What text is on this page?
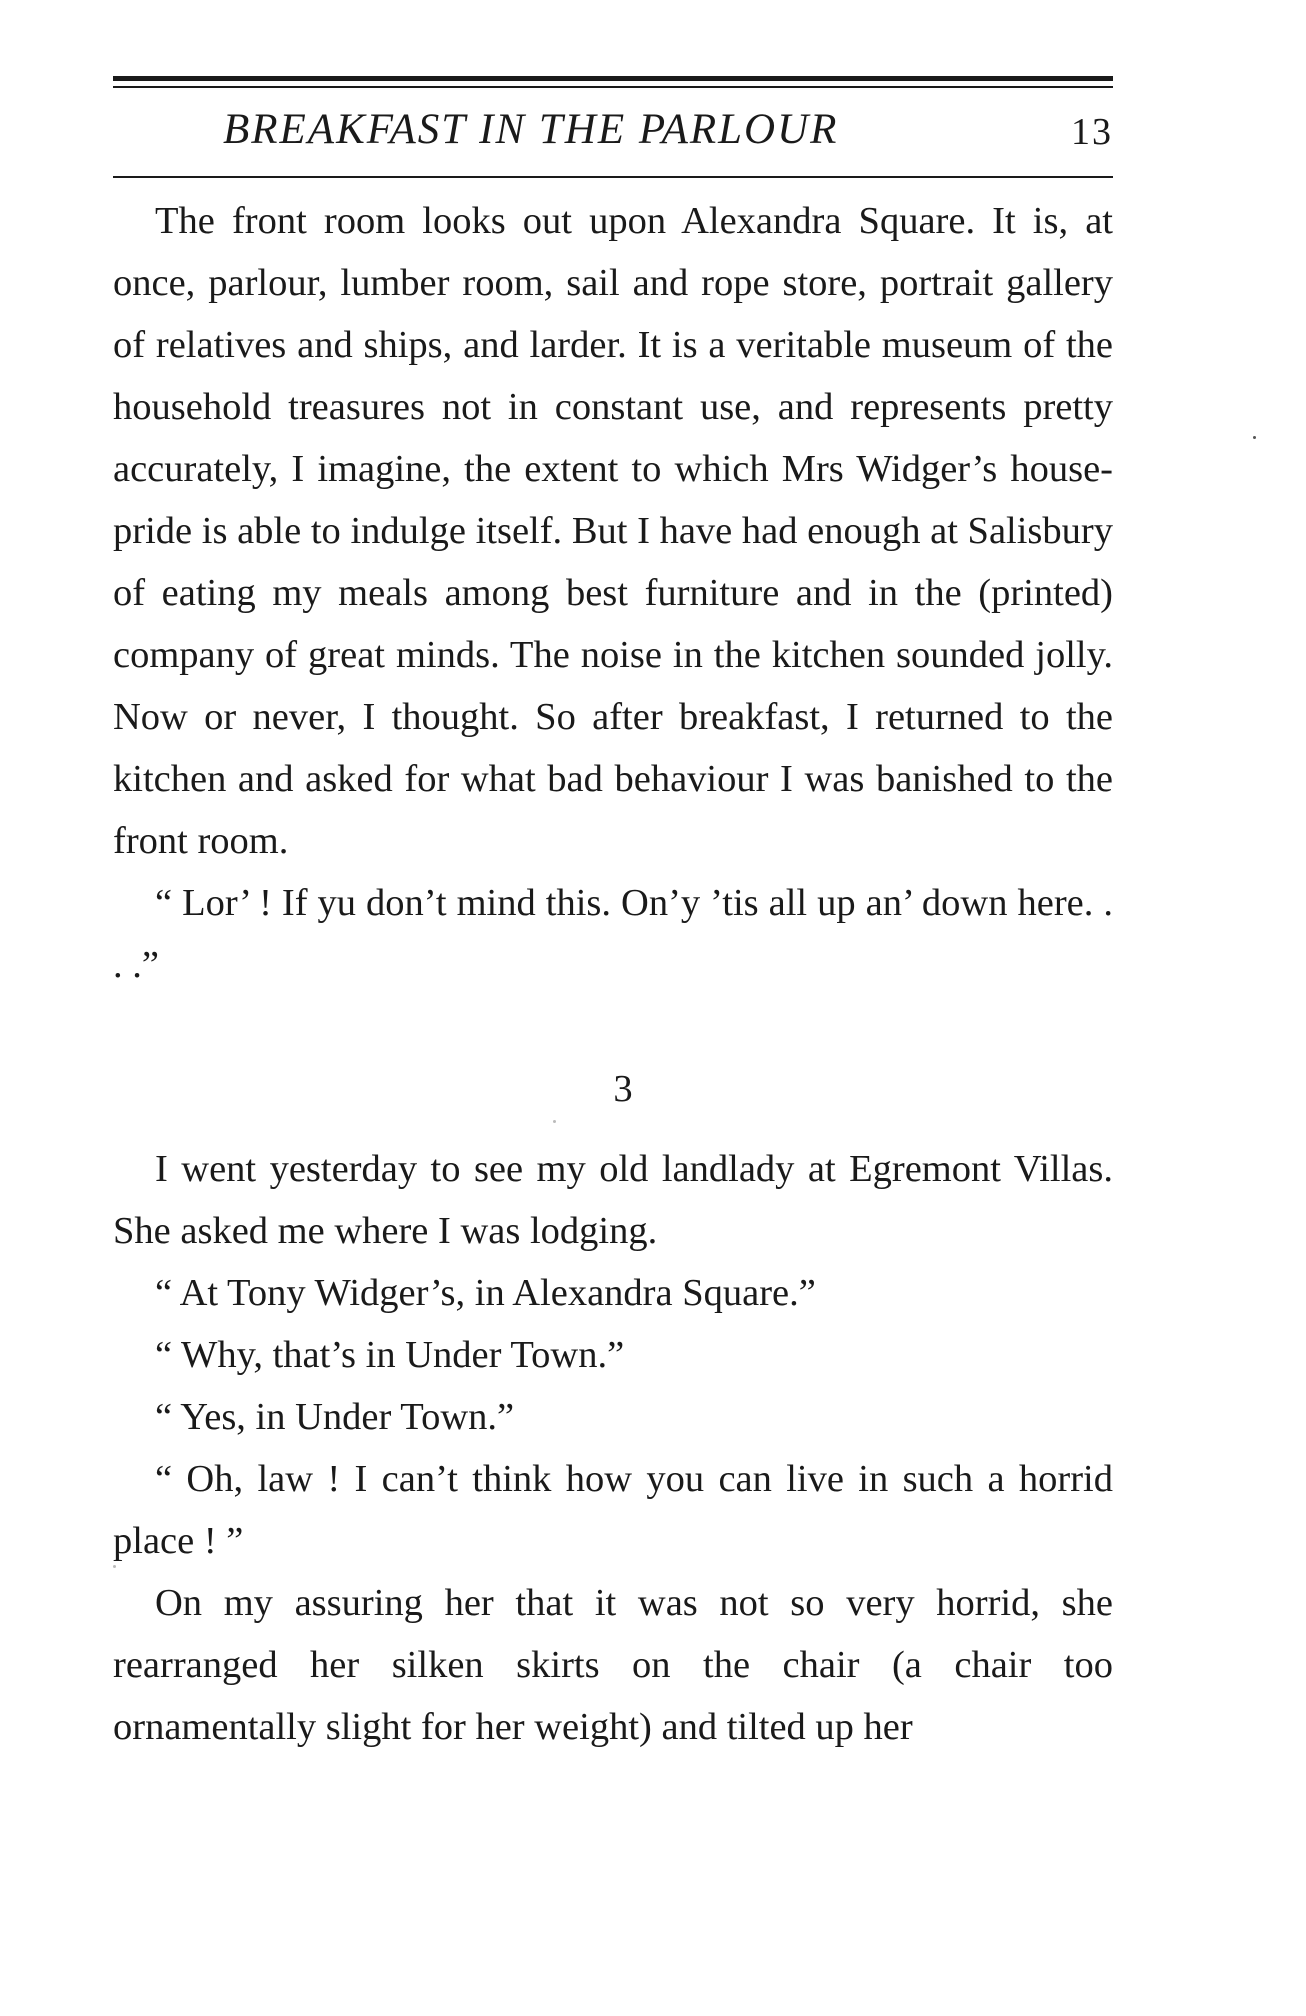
BREAKFAST IN THE PARLOUR	13

The front room looks out upon Alexandra Square. It is, at once, parlour, lumber room, sail and rope store, portrait gallery of relatives and ships, and larder. It is a veritable museum of the household treasures not in constant use, and represents pretty accurately, I imagine, the extent to which Mrs Widger’s house-pride is able to indulge itself. But I have had enough at Salisbury of eating my meals among best furniture and in the (printed) company of great minds. The noise in the kitchen sounded jolly. Now or never, I thought. So after breakfast, I returned to the kitchen and asked for what bad behaviour I was banished to the front room.

“ Lor’ ! If yu don’t mind this. On’y ’tis all up an’ down here. . . .”

3

I went yesterday to see my old landlady at Egremont Villas. She asked me where I was lodging.

“ At Tony Widger’s, in Alexandra Square.”

“ Why, that’s in Under Town.”

“ Yes, in Under Town.”

“ Oh, law ! I can’t think how you can live in such a horrid place ! ”

On my assuring her that it was not so very horrid, she rearranged her silken skirts on the chair (a chair too ornamentally slight for her weight) and tilted up her
